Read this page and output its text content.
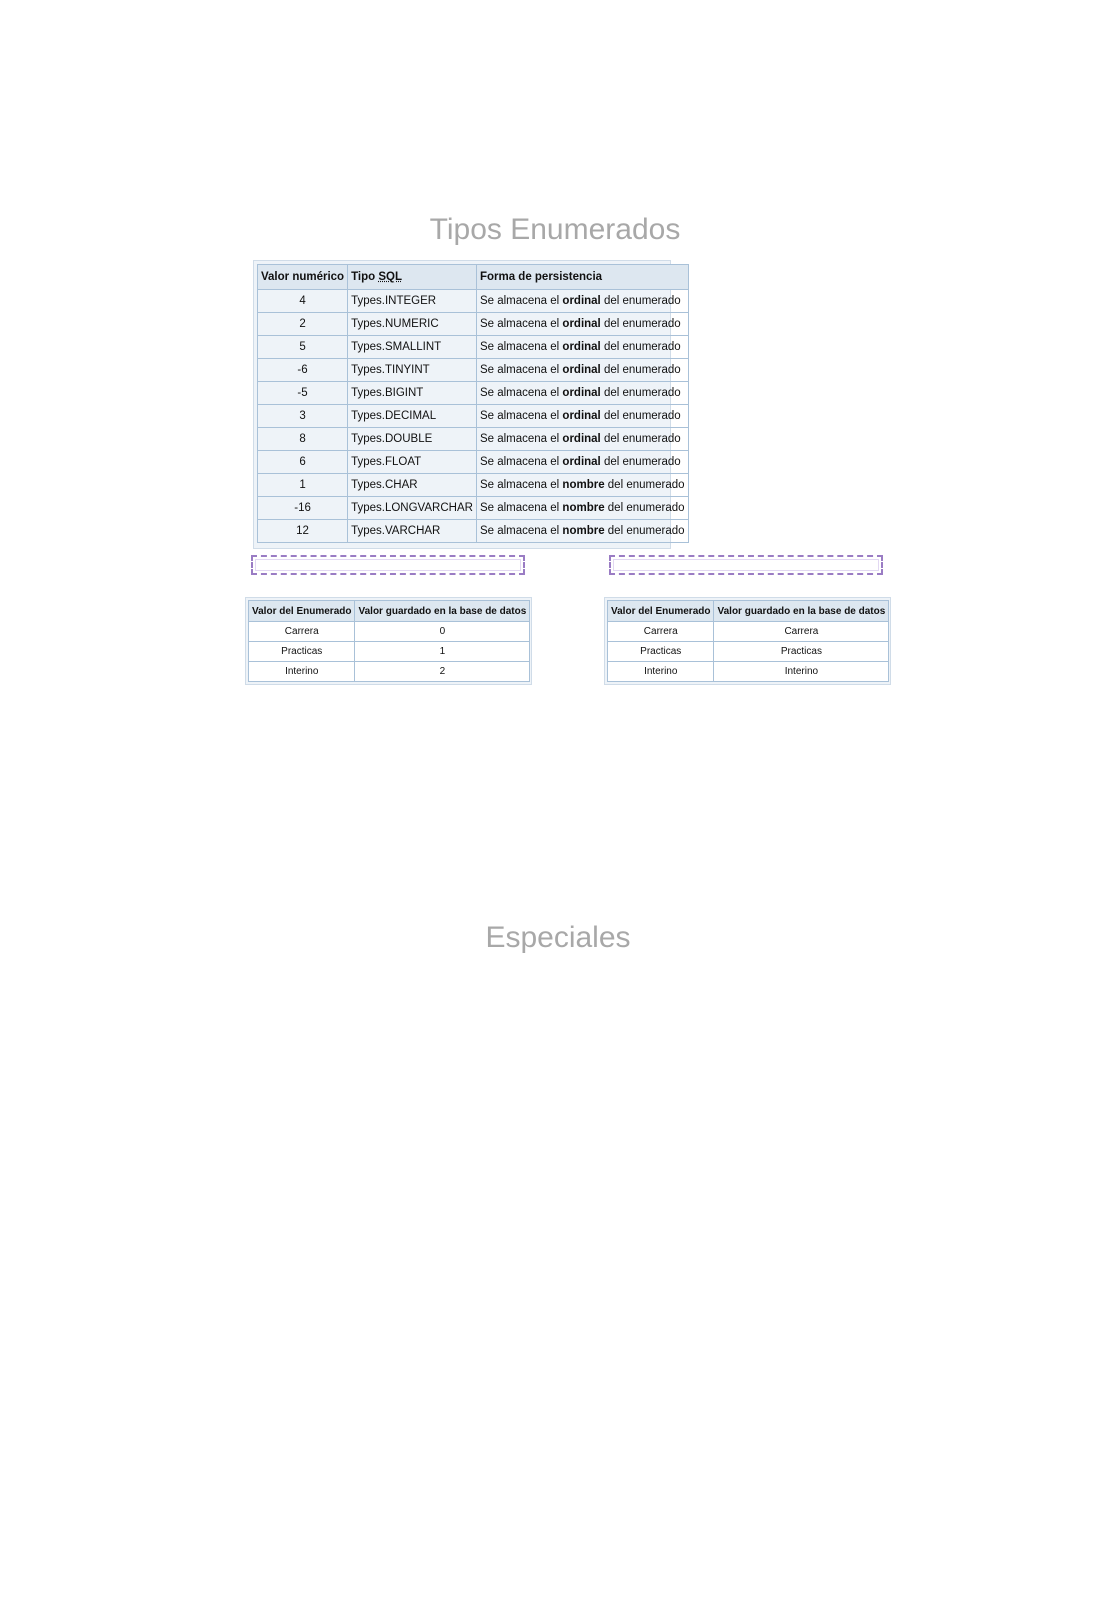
Tipos Enumerados
Valor numérico	Tipo SQL	Forma de persistencia
4	Types.INTEGER	Se almacena el ordinal del enumerado
2	Types.NUMERIC	Se almacena el ordinal del enumerado
5	Types.SMALLINT	Se almacena el ordinal del enumerado
-6	Types.TINYINT	Se almacena el ordinal del enumerado
-5	Types.BIGINT	Se almacena el ordinal del enumerado
3	Types.DECIMAL	Se almacena el ordinal del enumerado
8	Types.DOUBLE	Se almacena el ordinal del enumerado
6	Types.FLOAT	Se almacena el ordinal del enumerado
1	Types.CHAR	Se almacena el nombre del enumerado
-16	Types.LONGVARCHAR	Se almacena el nombre del enumerado
12	Types.VARCHAR	Se almacena el nombre del enumerado
Valor del Enumerado	Valor guardado en la base de datos
Carrera	0
Practicas	1
Interino	2
Valor del Enumerado	Valor guardado en la base de datos
Carrera	Carrera
Practicas	Practicas
Interino	Interino
Especiales
